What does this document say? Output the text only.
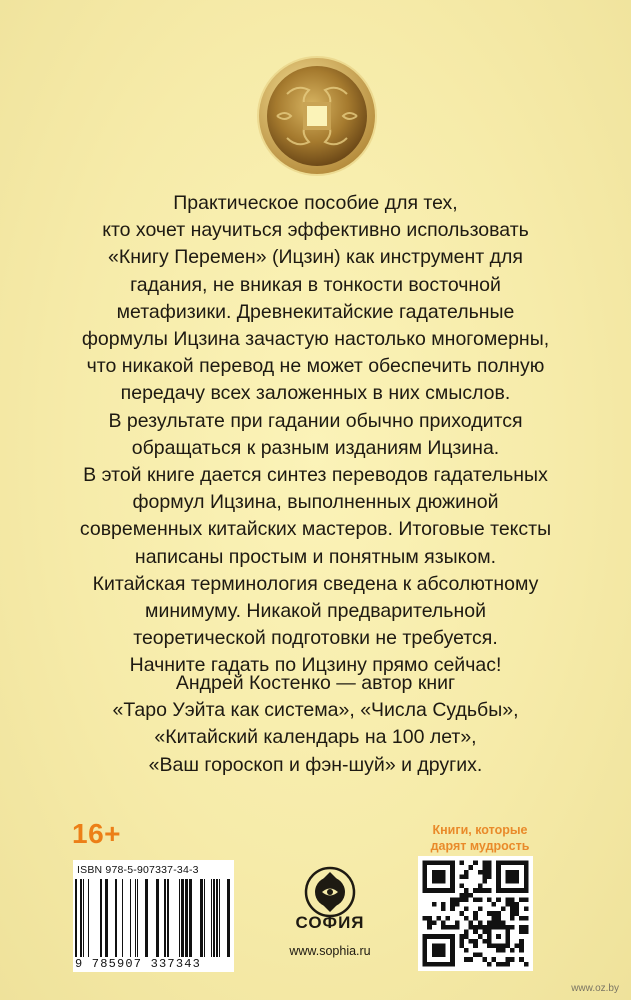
Практическое пособие для тех,
кто хочет научиться эффективно использовать
«Книгу Перемен» (Ицзин) как инструмент для
гадания, не вникая в тонкости восточной
метафизики. Древнекитайские гадательные
формулы Ицзина зачастую настолько многомерны,
что никакой перевод не может обеспечить полную
передачу всех заложенных в них смыслов.
В результате при гадании обычно приходится
обращаться к разным изданиям Ицзина.
В этой книге дается синтез переводов гадательных
формул Ицзина, выполненных дюжиной
современных китайских мастеров. Итоговые тексты
написаны простым и понятным языком.
Китайская терминология сведена к абсолютному
минимуму. Никакой предварительной
теоретической подготовки не требуется.
Начните гадать по Ицзину прямо сейчас!
Андрей Костенко — автор книг
«Таро Уэйта как система», «Числа Судьбы»,
«Китайский календарь на 100 лет»,
«Ваш гороскоп и фэн-шуй» и других.
16+	Книги, которые
дарят мудрость
ISBN 978-5-907337-34-3
9 785907 337343
СОФИЯ
www.sophia.ru
www.oz.by
